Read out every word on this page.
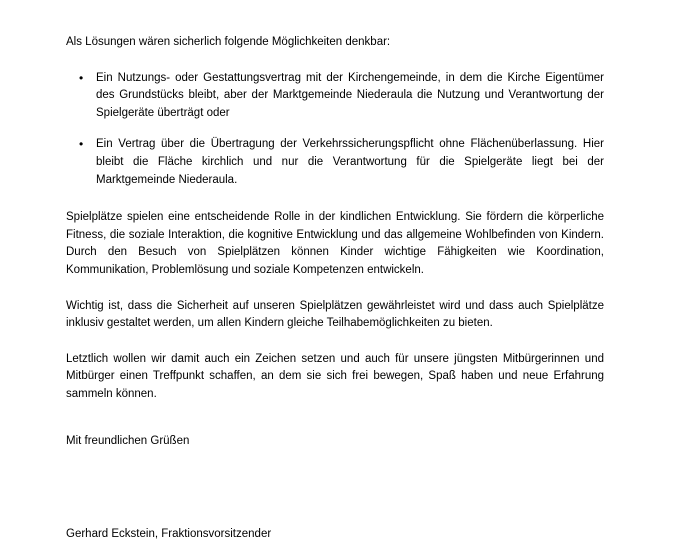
Als Lösungen wären sicherlich folgende Möglichkeiten denkbar:

• Ein Nutzungs- oder Gestattungsvertrag mit der Kirchengemeinde, in dem die Kirche Eigentümer des Grundstücks bleibt, aber der Marktgemeinde Niederaula die Nutzung und Verantwortung der Spielgeräte überträgt oder
• Ein Vertrag über die Übertragung der Verkehrssicherungspflicht ohne Flächenüberlassung. Hier bleibt die Fläche kirchlich und nur die Verantwortung für die Spielgeräte liegt bei der Marktgemeinde Niederaula.

Spielplätze spielen eine entscheidende Rolle in der kindlichen Entwicklung. Sie fördern die körperliche Fitness, die soziale Interaktion, die kognitive Entwicklung und das allgemeine Wohlbefinden von Kindern. Durch den Besuch von Spielplätzen können Kinder wichtige Fähigkeiten wie Koordination, Kommunikation, Problemlösung und soziale Kompetenzen entwickeln.

Wichtig ist, dass die Sicherheit auf unseren Spielplätzen gewährleistet wird und dass auch Spielplätze inklusiv gestaltet werden, um allen Kindern gleiche Teilhabemöglichkeiten zu bieten.

Letztlich wollen wir damit auch ein Zeichen setzen und auch für unsere jüngsten Mitbürgerinnen und Mitbürger einen Treffpunkt schaffen, an dem sie sich frei bewegen, Spaß haben und neue Erfahrung sammeln können.

Mit freundlichen Grüßen

Gerhard Eckstein, Fraktionsvorsitzender
